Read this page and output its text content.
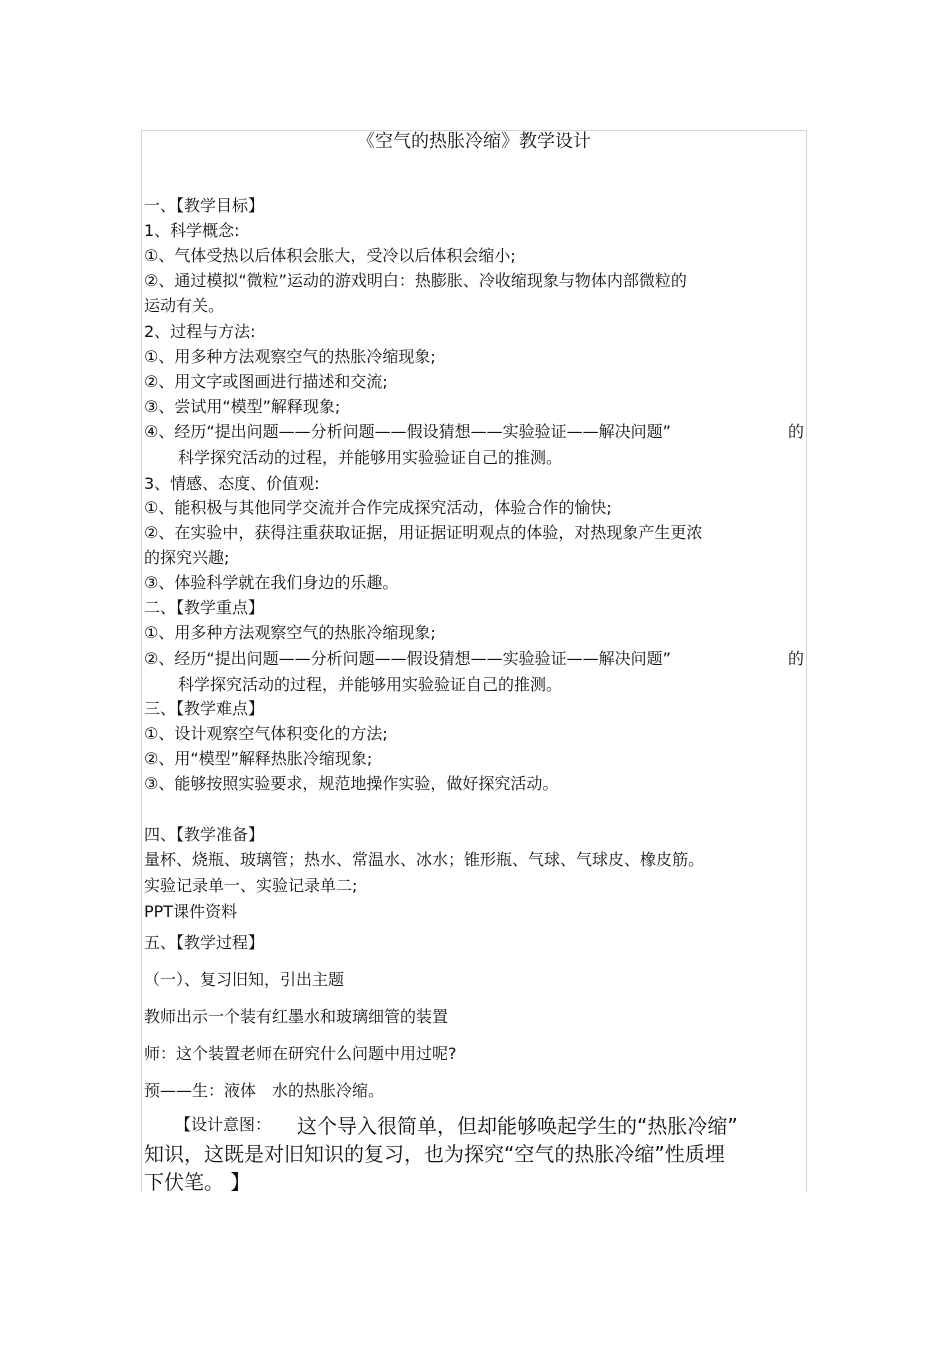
《空气的热胀冷缩》教学设计
一、【教学目标】
1、科学概念:
①、气体受热以后体积会胀大，受冷以后体积会缩小;
②、通过模拟“微粒”运动的游戏明白：热膨胀、冷收缩现象与物体内部微粒的
运动有关。
2、过程与方法:
①、用多种方法观察空气的热胀冷缩现象;
②、用文字或图画进行描述和交流;
③、尝试用“模型”解释现象;
④、经历“提出问题——分析问题——假设猜想——实验验证——解决问题”	的
科学探究活动的过程，并能够用实验验证自己的推测。
3、情感、态度、价值观:
①、能积极与其他同学交流并合作完成探究活动，体验合作的愉快;
②、在实验中，获得注重获取证据，用证据证明观点的体验，对热现象产生更浓
的探究兴趣;
③、体验科学就在我们身边的乐趣。
二、【教学重点】
①、用多种方法观察空气的热胀冷缩现象;
②、经历“提出问题——分析问题——假设猜想——实验验证——解决问题”	的
科学探究活动的过程，并能够用实验验证自己的推测。
三、【教学难点】
①、设计观察空气体积变化的方法;
②、用“模型”解释热胀冷缩现象;
③、能够按照实验要求，规范地操作实验，做好探究活动。
四、【教学准备】
量杯、烧瓶、玻璃管；热水、常温水、冰水；锥形瓶、气球、气球皮、橡皮筋。
实验记录单一、实验记录单二;
PPT课件资料
五、【教学过程】
（一）、复习旧知，引出主题
教师出示一个装有红墨水和玻璃细管的装置
师：这个装置老师在研究什么问题中用过呢?
预——生：液体　水的热胀冷缩。
【设计意图：	这个导入很简单，但却能够唤起学生的“热胀冷缩”
知识，这既是对旧知识的复习，也为探究“空气的热胀冷缩”性质埋
下伏笔。 】
